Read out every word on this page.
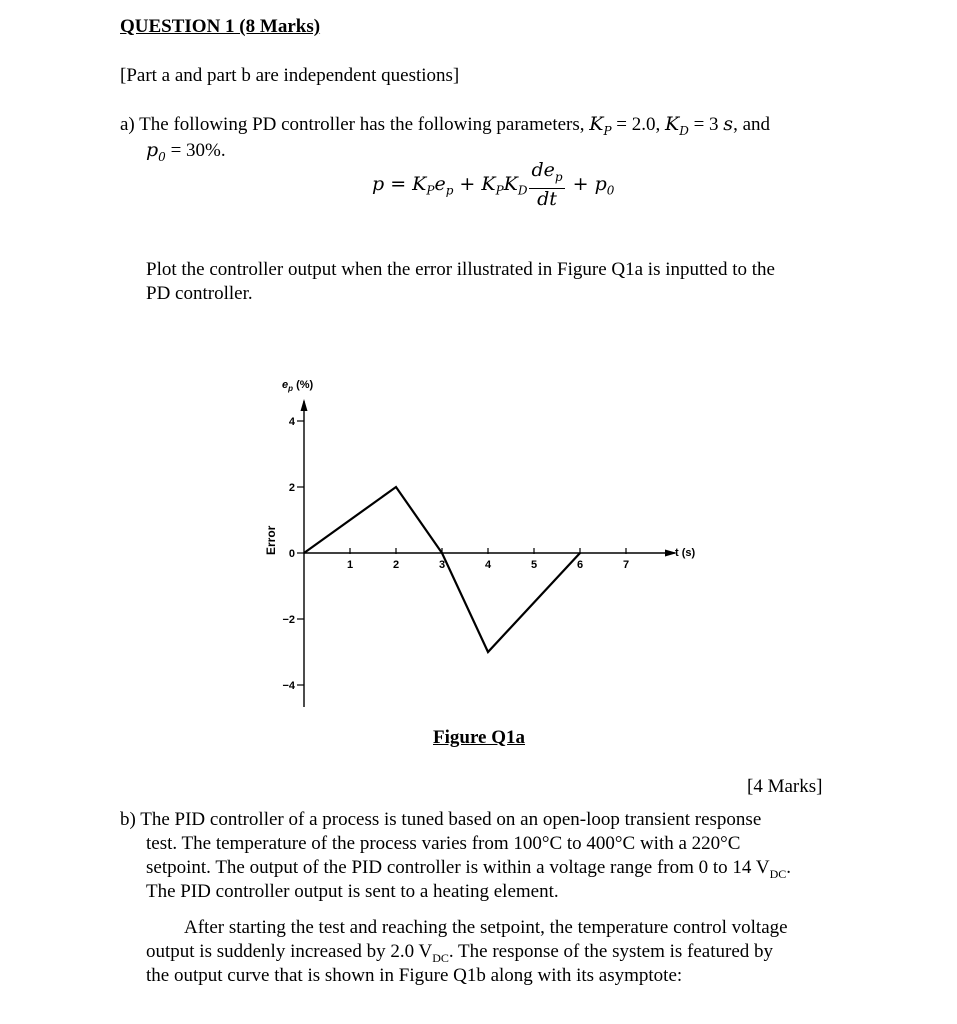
QUESTION 1 (8 Marks)
[Part a and part b are independent questions]
a) The following PD controller has the following parameters, $K_P = 2.0$, $K_D = 3$ s, and
$p_0 = 30\%$.
$p = K_Pe_p + K_PK_D \frac{de_p}{dt} + p_0$
Plot the controller output when the error illustrated in Figure Q1a is inputted to the
PD controller.
1	2	3	4	5	6	7
4
2
0
−2
−4
Error
$e_p$ (%)
t (s)
Figure Q1a
[4 Marks]
b) The PID controller of a process is tuned based on an open-loop transient response
test. The temperature of the process varies from 100°C to 400°C with a 220°C
setpoint. The output of the PID controller is within a voltage range from 0 to 14 $V_{DC}$.
The PID controller output is sent to a heating element.
After starting the test and reaching the setpoint, the temperature control voltage
output is suddenly increased by 2.0 $V_{DC}$. The response of the system is featured by
the output curve that is shown in Figure Q1b along with its asymptote:
